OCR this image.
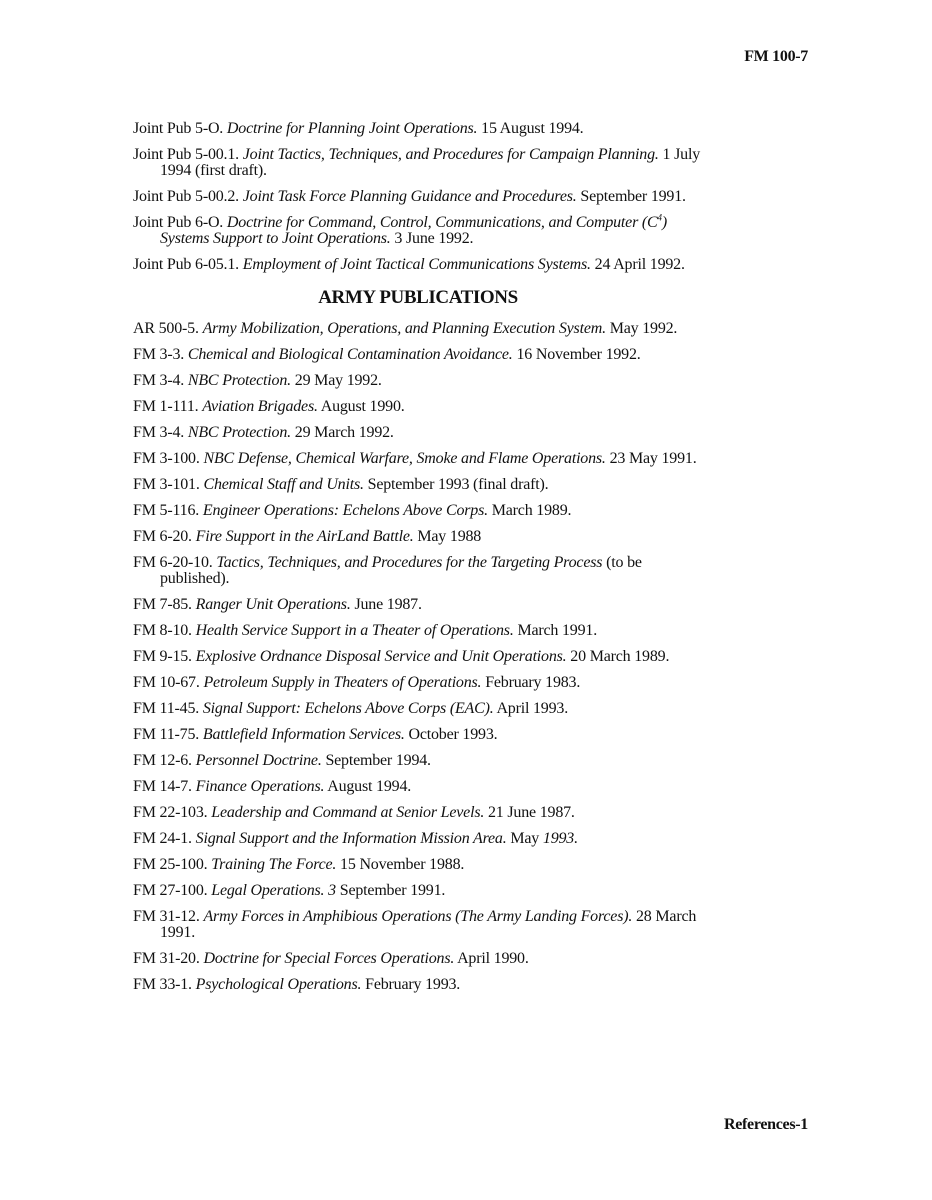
FM 100-7

Joint Pub 5-O. Doctrine for Planning Joint Operations. 15 August 1994.

Joint Pub 5-00.1. Joint Tactics, Techniques, and Procedures for Campaign Planning. 1 July 1994 (first draft).

Joint Pub 5-00.2. Joint Task Force Planning Guidance and Procedures. September 1991.

Joint Pub 6-O. Doctrine for Command, Control, Communications, and Computer $(C^4)$ Systems Support to Joint Operations. 3 June 1992.

Joint Pub 6-05.1. Employment of Joint Tactical Communications Systems. 24 April 1992.

ARMY PUBLICATIONS

AR 500-5. Army Mobilization, Operations, and Planning Execution System. May 1992.

FM 3-3. Chemical and Biological Contamination Avoidance. 16 November 1992.

FM 3-4. NBC Protection. 29 May 1992.

FM 1-111. Aviation Brigades. August 1990.

FM 3-4. NBC Protection. 29 March 1992.

FM 3-100. NBC Defense, Chemical Warfare, Smoke and Flame Operations. 23 May 1991.

FM 3-101. Chemical Staff and Units. September 1993 (final draft).

FM 5-116. Engineer Operations: Echelons Above Corps. March 1989.

FM 6-20. Fire Support in the AirLand Battle. May 1988

FM 6-20-10. Tactics, Techniques, and Procedures for the Targeting Process (to be published).

FM 7-85. Ranger Unit Operations. June 1987.

FM 8-10. Health Service Support in a Theater of Operations. March 1991.

FM 9-15. Explosive Ordnance Disposal Service and Unit Operations. 20 March 1989.

FM 10-67. Petroleum Supply in Theaters of Operations. February 1983.

FM 11-45. Signal Support: Echelons Above Corps (EAC). April 1993.

FM 11-75. Battlefield Information Services. October 1993.

FM 12-6. Personnel Doctrine. September 1994.

FM 14-7. Finance Operations. August 1994.

FM 22-103. Leadership and Command at Senior Levels. 21 June 1987.

FM 24-1. Signal Support and the Information Mission Area. May 1993.

FM 25-100. Training The Force. 15 November 1988.

FM 27-100. Legal Operations. 3 September 1991.

FM 31-12. Army Forces in Amphibious Operations (The Army Landing Forces). 28 March 1991.

FM 31-20. Doctrine for Special Forces Operations. April 1990.

FM 33-1. Psychological Operations. February 1993.

References-1
